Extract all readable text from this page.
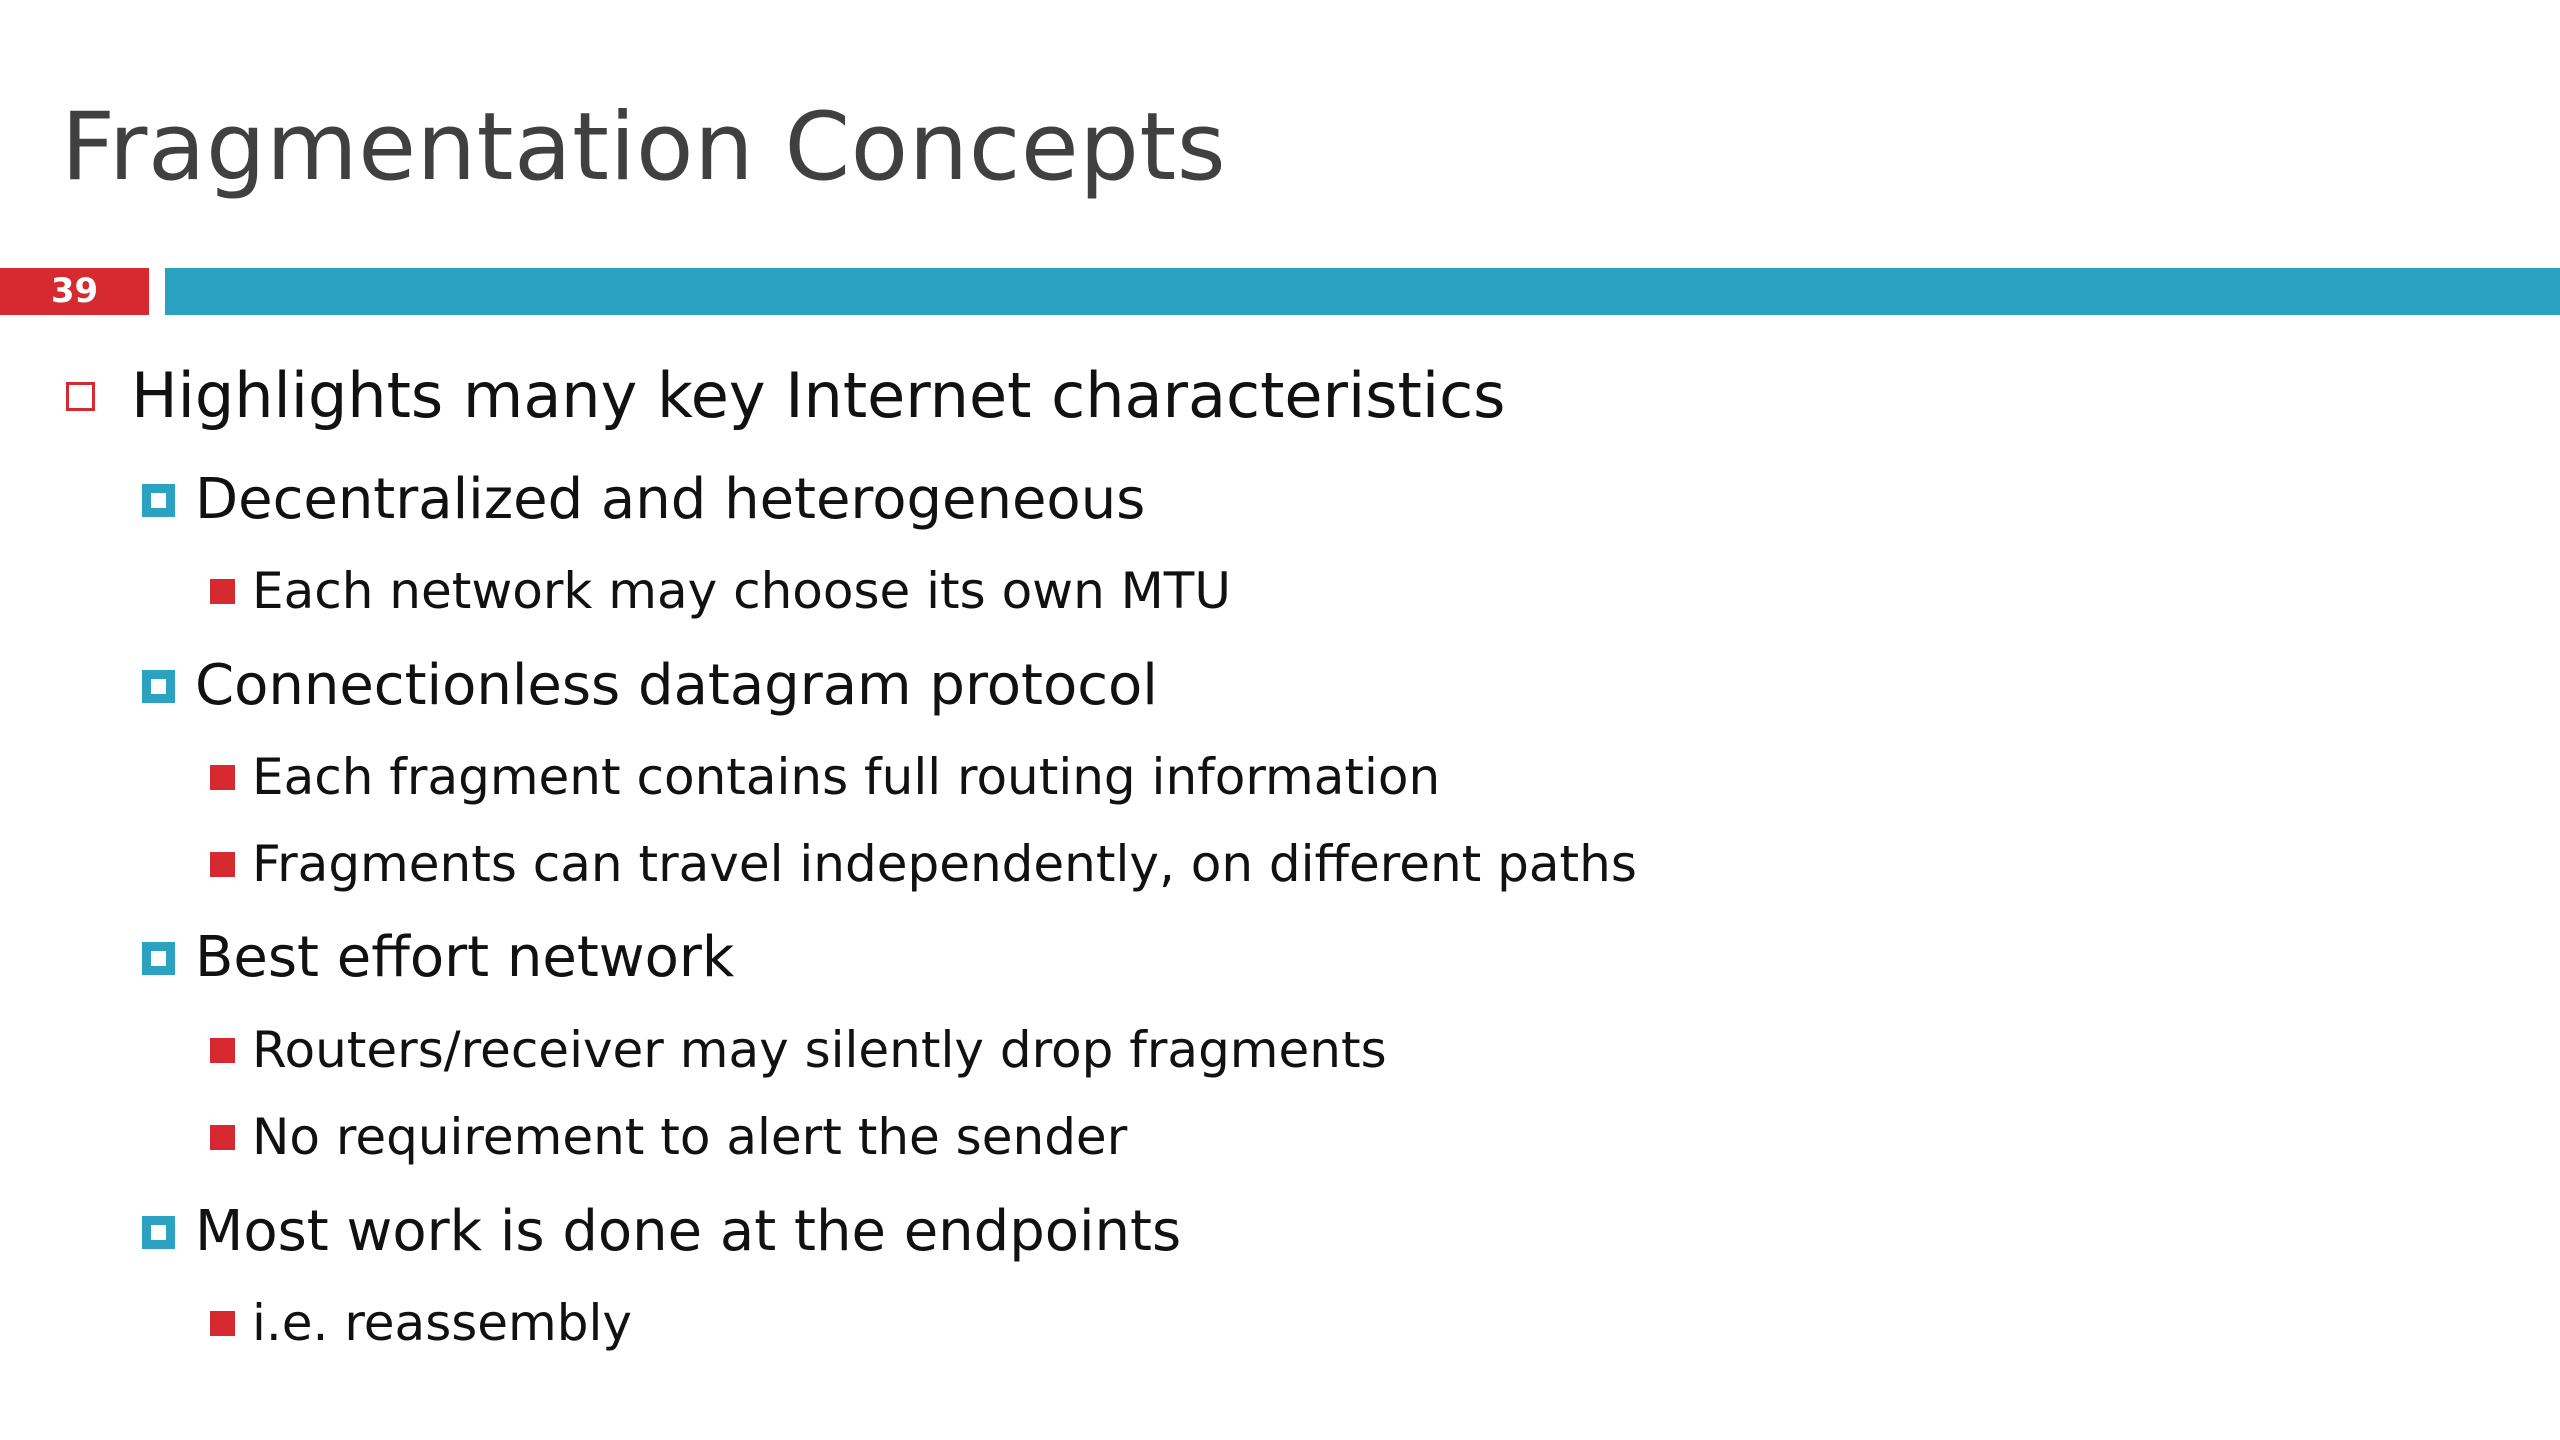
Fragmentation Concepts
39
Highlights many key Internet characteristics
Decentralized and heterogeneous
Each network may choose its own MTU
Connectionless datagram protocol
Each fragment contains full routing information
Fragments can travel independently, on different paths
Best effort network
Routers/receiver may silently drop fragments
No requirement to alert the sender
Most work is done at the endpoints
i.e. reassembly
